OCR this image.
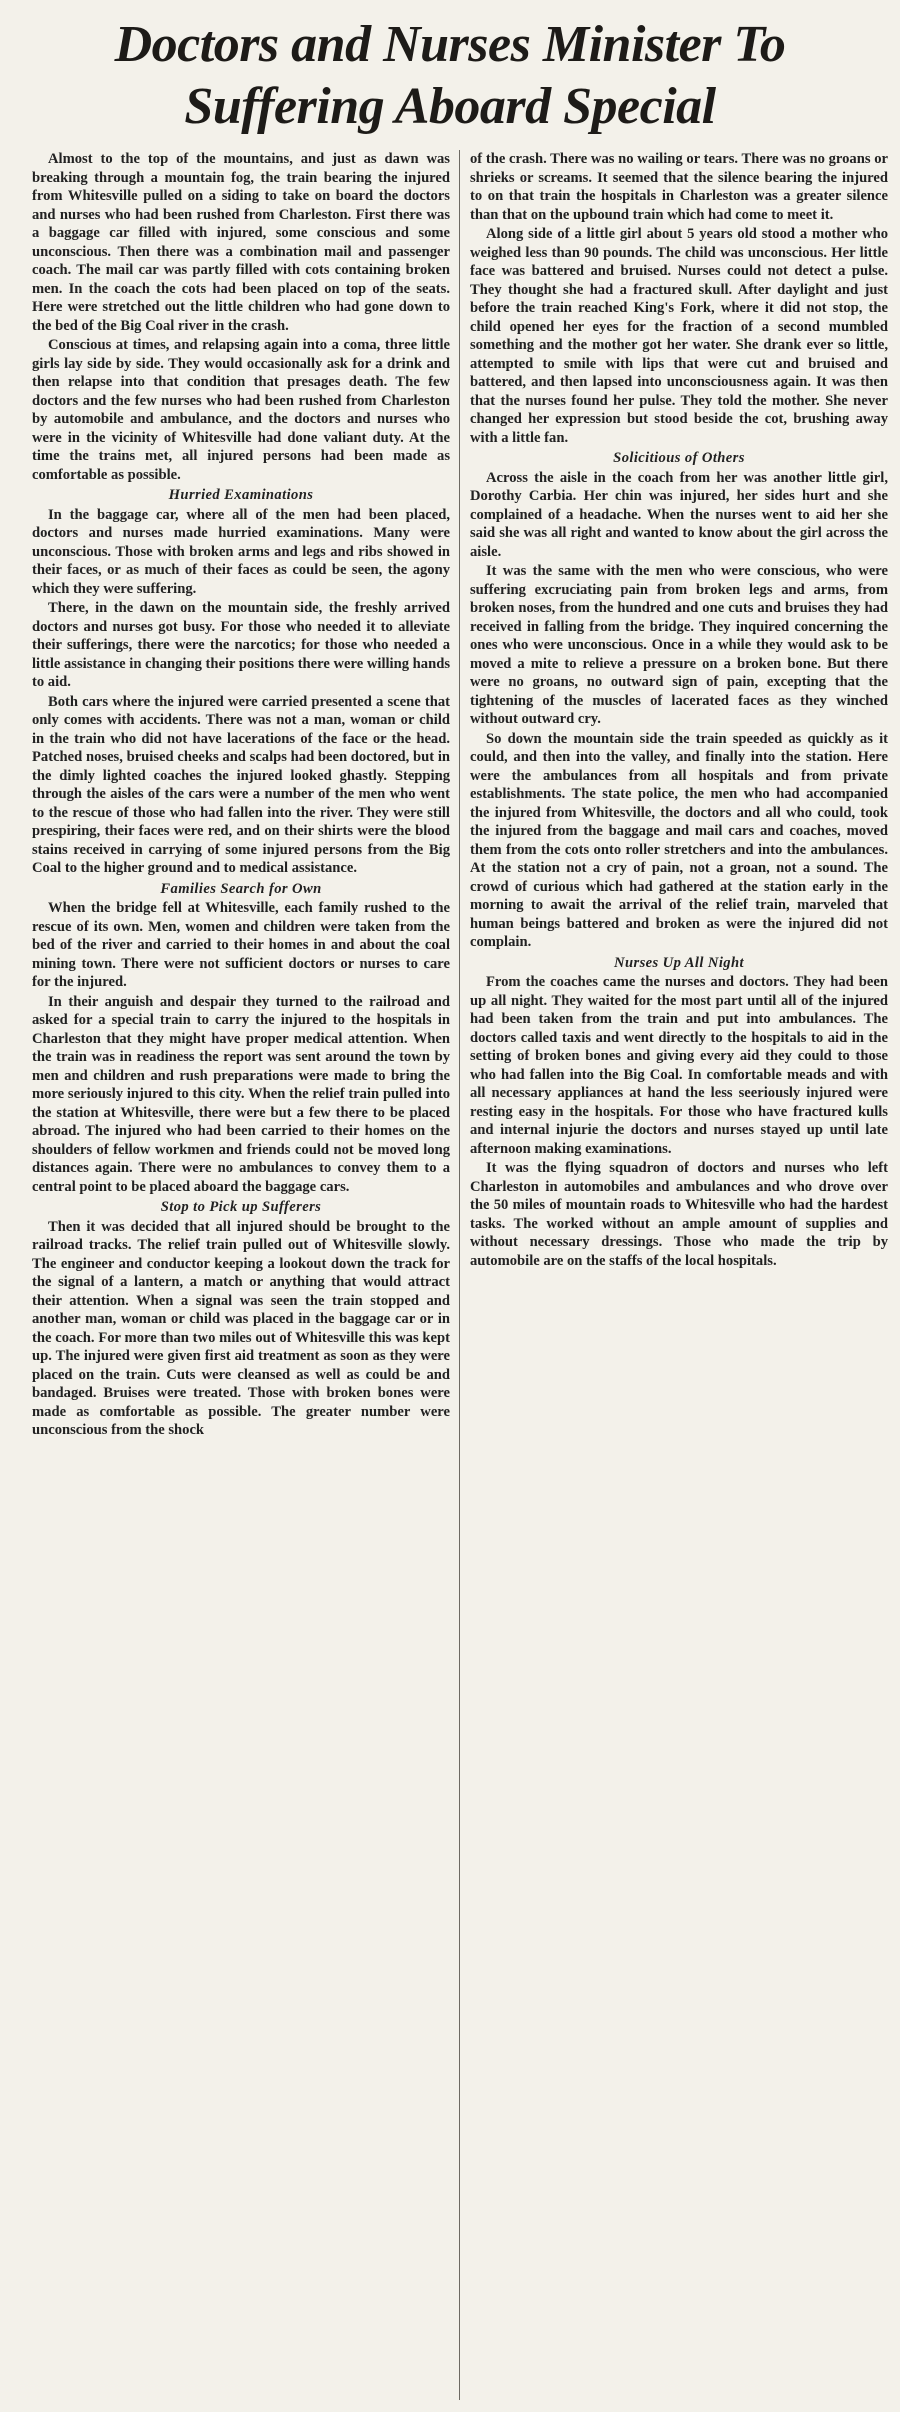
Doctors and Nurses Minister To Suffering Aboard Special

Almost to the top of the mountains, and just as dawn was breaking through a mountain fog, the train bearing the injured from Whitesville pulled on a siding to take on board the doctors and nurses who had been rushed from Charleston. First there was a baggage car filled with injured, some conscious and some unconscious. Then there was a combination mail and passenger coach. The mail car was partly filled with cots containing broken men. In the coach the cots had been placed on top of the seats. Here were stretched out the little children who had gone down to the bed of the Big Coal river in the crash.

Conscious at times, and relapsing again into a coma, three little girls lay side by side. They would occasionally ask for a drink and then relapse into that condition that presages death. The few doctors and the few nurses who had been rushed from Charleston by automobile and ambulance, and the doctors and nurses who were in the vicinity of Whitesville had done valiant duty. At the time the trains met, all injured persons had been made as comfortable as possible.

Hurried Examinations

In the baggage car, where all of the men had been placed, doctors and nurses made hurried examinations. Many were unconscious. Those with broken arms and legs and ribs showed in their faces, or as much of their faces as could be seen, the agony which they were suffering.

There, in the dawn on the mountain side, the freshly arrived doctors and nurses got busy. For those who needed it to alleviate their sufferings, there were the narcotics; for those who needed a little assistance in changing their positions there were willing hands to aid.

Both cars where the injured were carried presented a scene that only comes with accidents. There was not a man, woman or child in the train who did not have lacerations of the face or the head. Patched noses, bruised cheeks and scalps had been doctored, but in the dimly lighted coaches the injured looked ghastly. Stepping through the aisles of the cars were a number of the men who went to the rescue of those who had fallen into the river. They were still prespiring, their faces were red, and on their shirts were the blood stains received in carrying of some injured persons from the Big Coal to the higher ground and to medical assistance.

Families Search for Own

When the bridge fell at Whitesville, each family rushed to the rescue of its own. Men, women and children were taken from the bed of the river and carried to their homes in and about the coal mining town. There were not sufficient doctors or nurses to care for the injured.

In their anguish and despair they turned to the railroad and asked for a special train to carry the injured to the hospitals in Charleston that they might have proper medical attention. When the train was in readiness the report was sent around the town by men and children and rush preparations were made to bring the more seriously injured to this city. When the relief train pulled into the station at Whitesville, there were but a few there to be placed abroad. The injured who had been carried to their homes on the shoulders of fellow workmen and friends could not be moved long distances again. There were no ambulances to convey them to a central point to be placed aboard the baggage cars.

Stop to Pick up Sufferers

Then it was decided that all injured should be brought to the railroad tracks. The relief train pulled out of Whitesville slowly. The engineer and conductor keeping a lookout down the track for the signal of a lantern, a match or anything that would attract their attention. When a signal was seen the train stopped and another man, woman or child was placed in the baggage car or in the coach. For more than two miles out of Whitesville this was kept up. The injured were given first aid treatment as soon as they were placed on the train. Cuts were cleansed as well as could be and bandaged. Bruises were treated. Those with broken bones were made as comfortable as possible. The greater number were unconscious from the shock

of the crash. There was no wailing or tears. There was no groans or shrieks or screams. It seemed that the silence bearing the injured to on that train the hospitals in Charleston was a greater silence than that on the upbound train which had come to meet it.

Along side of a little girl about 5 years old stood a mother who weighed less than 90 pounds. The child was unconscious. Her little face was battered and bruised. Nurses could not detect a pulse. They thought she had a fractured skull. After daylight and just before the train reached King's Fork, where it did not stop, the child opened her eyes for the fraction of a second mumbled something and the mother got her water. She drank ever so little, attempted to smile with lips that were cut and bruised and battered, and then lapsed into unconsciousness again. It was then that the nurses found her pulse. They told the mother. She never changed her expression but stood beside the cot, brushing away with a little fan.

Solicitious of Others

Across the aisle in the coach from her was another little girl, Dorothy Carbia. Her chin was injured, her sides hurt and she complained of a headache. When the nurses went to aid her she said she was all right and wanted to know about the girl across the aisle.

It was the same with the men who were conscious, who were suffering excruciating pain from broken legs and arms, from broken noses, from the hundred and one cuts and bruises they had received in falling from the bridge. They inquired concerning the ones who were unconscious. Once in a while they would ask to be moved a mite to relieve a pressure on a broken bone. But there were no groans, no outward sign of pain, excepting that the tightening of the muscles of lacerated faces as they winched without outward cry.

So down the mountain side the train speeded as quickly as it could, and then into the valley, and finally into the station. Here were the ambulances from all hospitals and from private establishments. The state police, the men who had accompanied the injured from Whitesville, the doctors and all who could, took the injured from the baggage and mail cars and coaches, moved them from the cots onto roller stretchers and into the ambulances. At the station not a cry of pain, not a groan, not a sound. The crowd of curious which had gathered at the station early in the morning to await the arrival of the relief train, marveled that human beings battered and broken as were the injured did not complain.

Nurses Up All Night

From the coaches came the nurses and doctors. They had been up all night. They waited for the most part until all of the injured had been taken from the train and put into ambulances. The doctors called taxis and went directly to the hospitals to aid in the setting of broken bones and giving every aid they could to those who had fallen into the Big Coal. In comfortable meads and with all necessary appliances at hand the less seeriously injured were resting easy in the hospitals. For those who have fractured kulls and internal injurie the doctors and nurses stayed up until late afternoon making examinations.

It was the flying squadron of doctors and nurses who left Charleston in automobiles and ambulances and who drove over the 50 miles of mountain roads to Whitesville who had the hardest tasks. The worked without an ample amount of supplies and without necessary dressings. Those who made the trip by automobile are on the staffs of the local hospitals.
